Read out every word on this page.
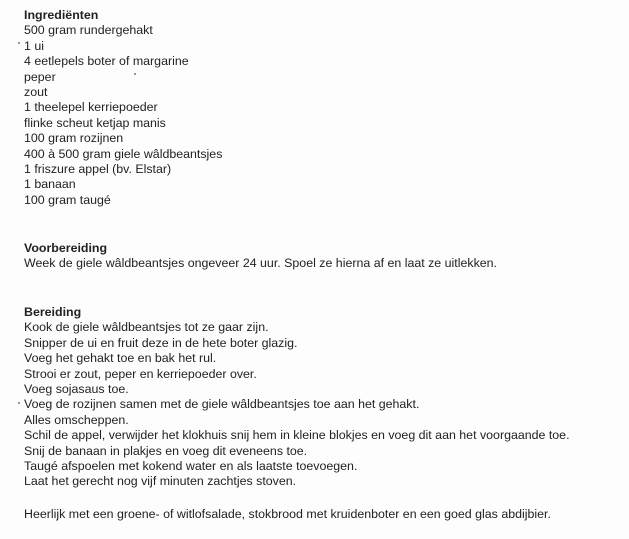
Ingrediënten

500 gram rundergehakt

1 ui

4 eetlepels boter of margarine

peper

zout

1 theelepel kerriepoeder

flinke scheut ketjap manis

100 gram rozijnen

400 à 500 gram giele wâldbeantsjes

1 friszure appel (bv. Elstar)

1 banaan

100 gram taugé

Voorbereiding

Week de giele wâldbeantsjes ongeveer 24 uur. Spoel ze hierna af en laat ze uitlekken.

Bereiding

Kook de giele wâldbeantsjes tot ze gaar zijn.

Snipper de ui en fruit deze in de hete boter glazig.

Voeg het gehakt toe en bak het rul.

Strooi er zout, peper en kerriepoeder over.

Voeg sojasaus toe.

Voeg de rozijnen samen met de giele wâldbeantsjes toe aan het gehakt.

Alles omscheppen.

Schil de appel, verwijder het klokhuis snij hem in kleine blokjes en voeg dit aan het voorgaande toe.

Snij de banaan in plakjes en voeg dit eveneens toe.

Taugé afspoelen met kokend water en als laatste toevoegen.

Laat het gerecht nog vijf minuten zachtjes stoven.

Heerlijk met een groene- of witlofsalade, stokbrood met kruidenboter en een goed glas abdijbier.
